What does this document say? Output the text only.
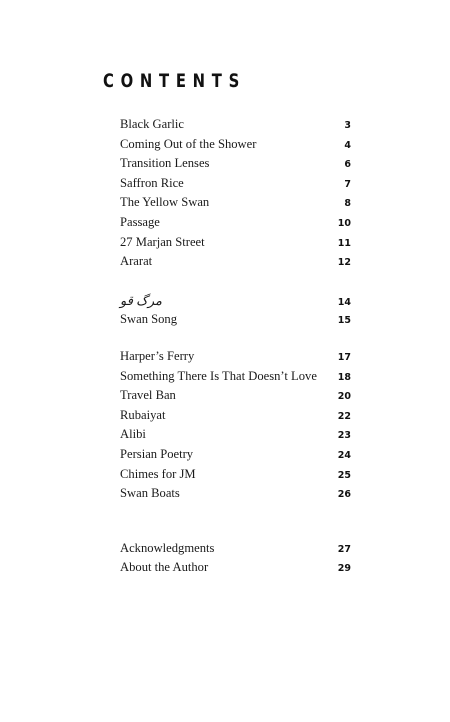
CONTENTS
Black Garlic	3
Coming Out of the Shower	4
Transition Lenses	6
Saffron Rice	7
The Yellow Swan	8
Passage	10
27 Marjan Street	11
Ararat	12
مرگ قو	14
Swan Song	15
Harper’s Ferry	17
Something There Is That Doesn’t Love 18
Travel Ban	20
Rubaiyat	22
Alibi	23
Persian Poetry	24
Chimes for JM	25
Swan Boats	26
Acknowledgments	27
About the Author	29
